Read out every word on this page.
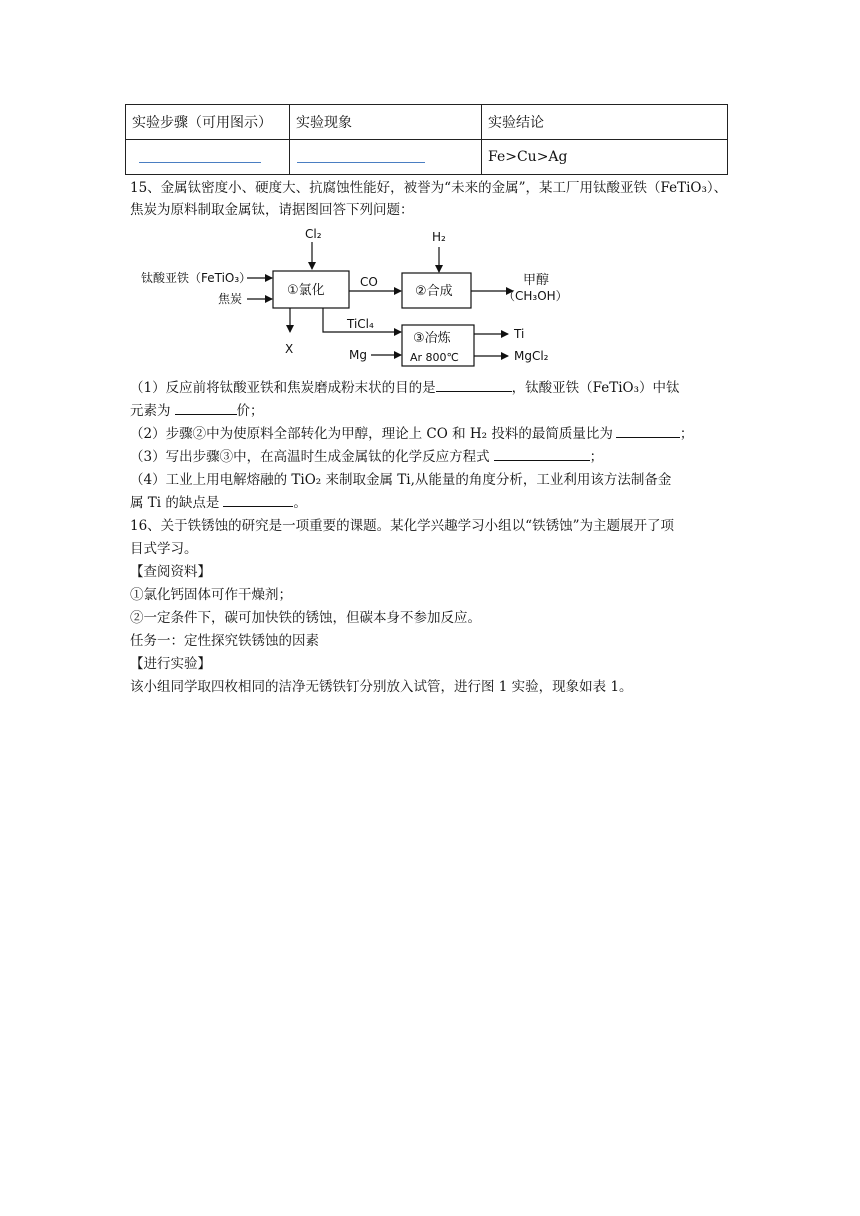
实验步骤（可用图示）	实验现象	实验结论
		Fe>Cu>Ag
15、金属钛密度小、硬度大、抗腐蚀性能好，被誉为“未来的金属”，某工厂用钛酸亚铁（FeTiO₃）、
焦炭为原料制取金属钛，请据图回答下列问题：
Cl₂
钛酸亚铁（FeTiO₃）
焦炭
①氯化
CO
H₂
②合成
甲醇
（CH₃OH）
X
TiCl₄
Mg
③冶炼
Ar 800℃
Ti
MgCl₂
（1）反应前将钛酸亚铁和焦炭磨成粉末状的目的是	，钛酸亚铁（FeTiO₃）中钛
元素为	价；
（2）步骤②中为使原料全部转化为甲醇，理论上 CO 和 H₂ 投料的最简质量比为	；
（3）写出步骤③中，在高温时生成金属钛的化学反应方程式	；
（4）工业上用电解熔融的 TiO₂ 来制取金属 Ti,从能量的角度分析，工业利用该方法制备金
属 Ti 的缺点是	。
16、关于铁锈蚀的研究是一项重要的课题。某化学兴趣学习小组以“铁锈蚀”为主题展开了项
目式学习。
【查阅资料】
①氯化钙固体可作干燥剂；
②一定条件下，碳可加快铁的锈蚀，但碳本身不参加反应。
任务一：定性探究铁锈蚀的因素
【进行实验】
该小组同学取四枚相同的洁净无锈铁钉分别放入试管，进行图 1 实验，现象如表 1。
